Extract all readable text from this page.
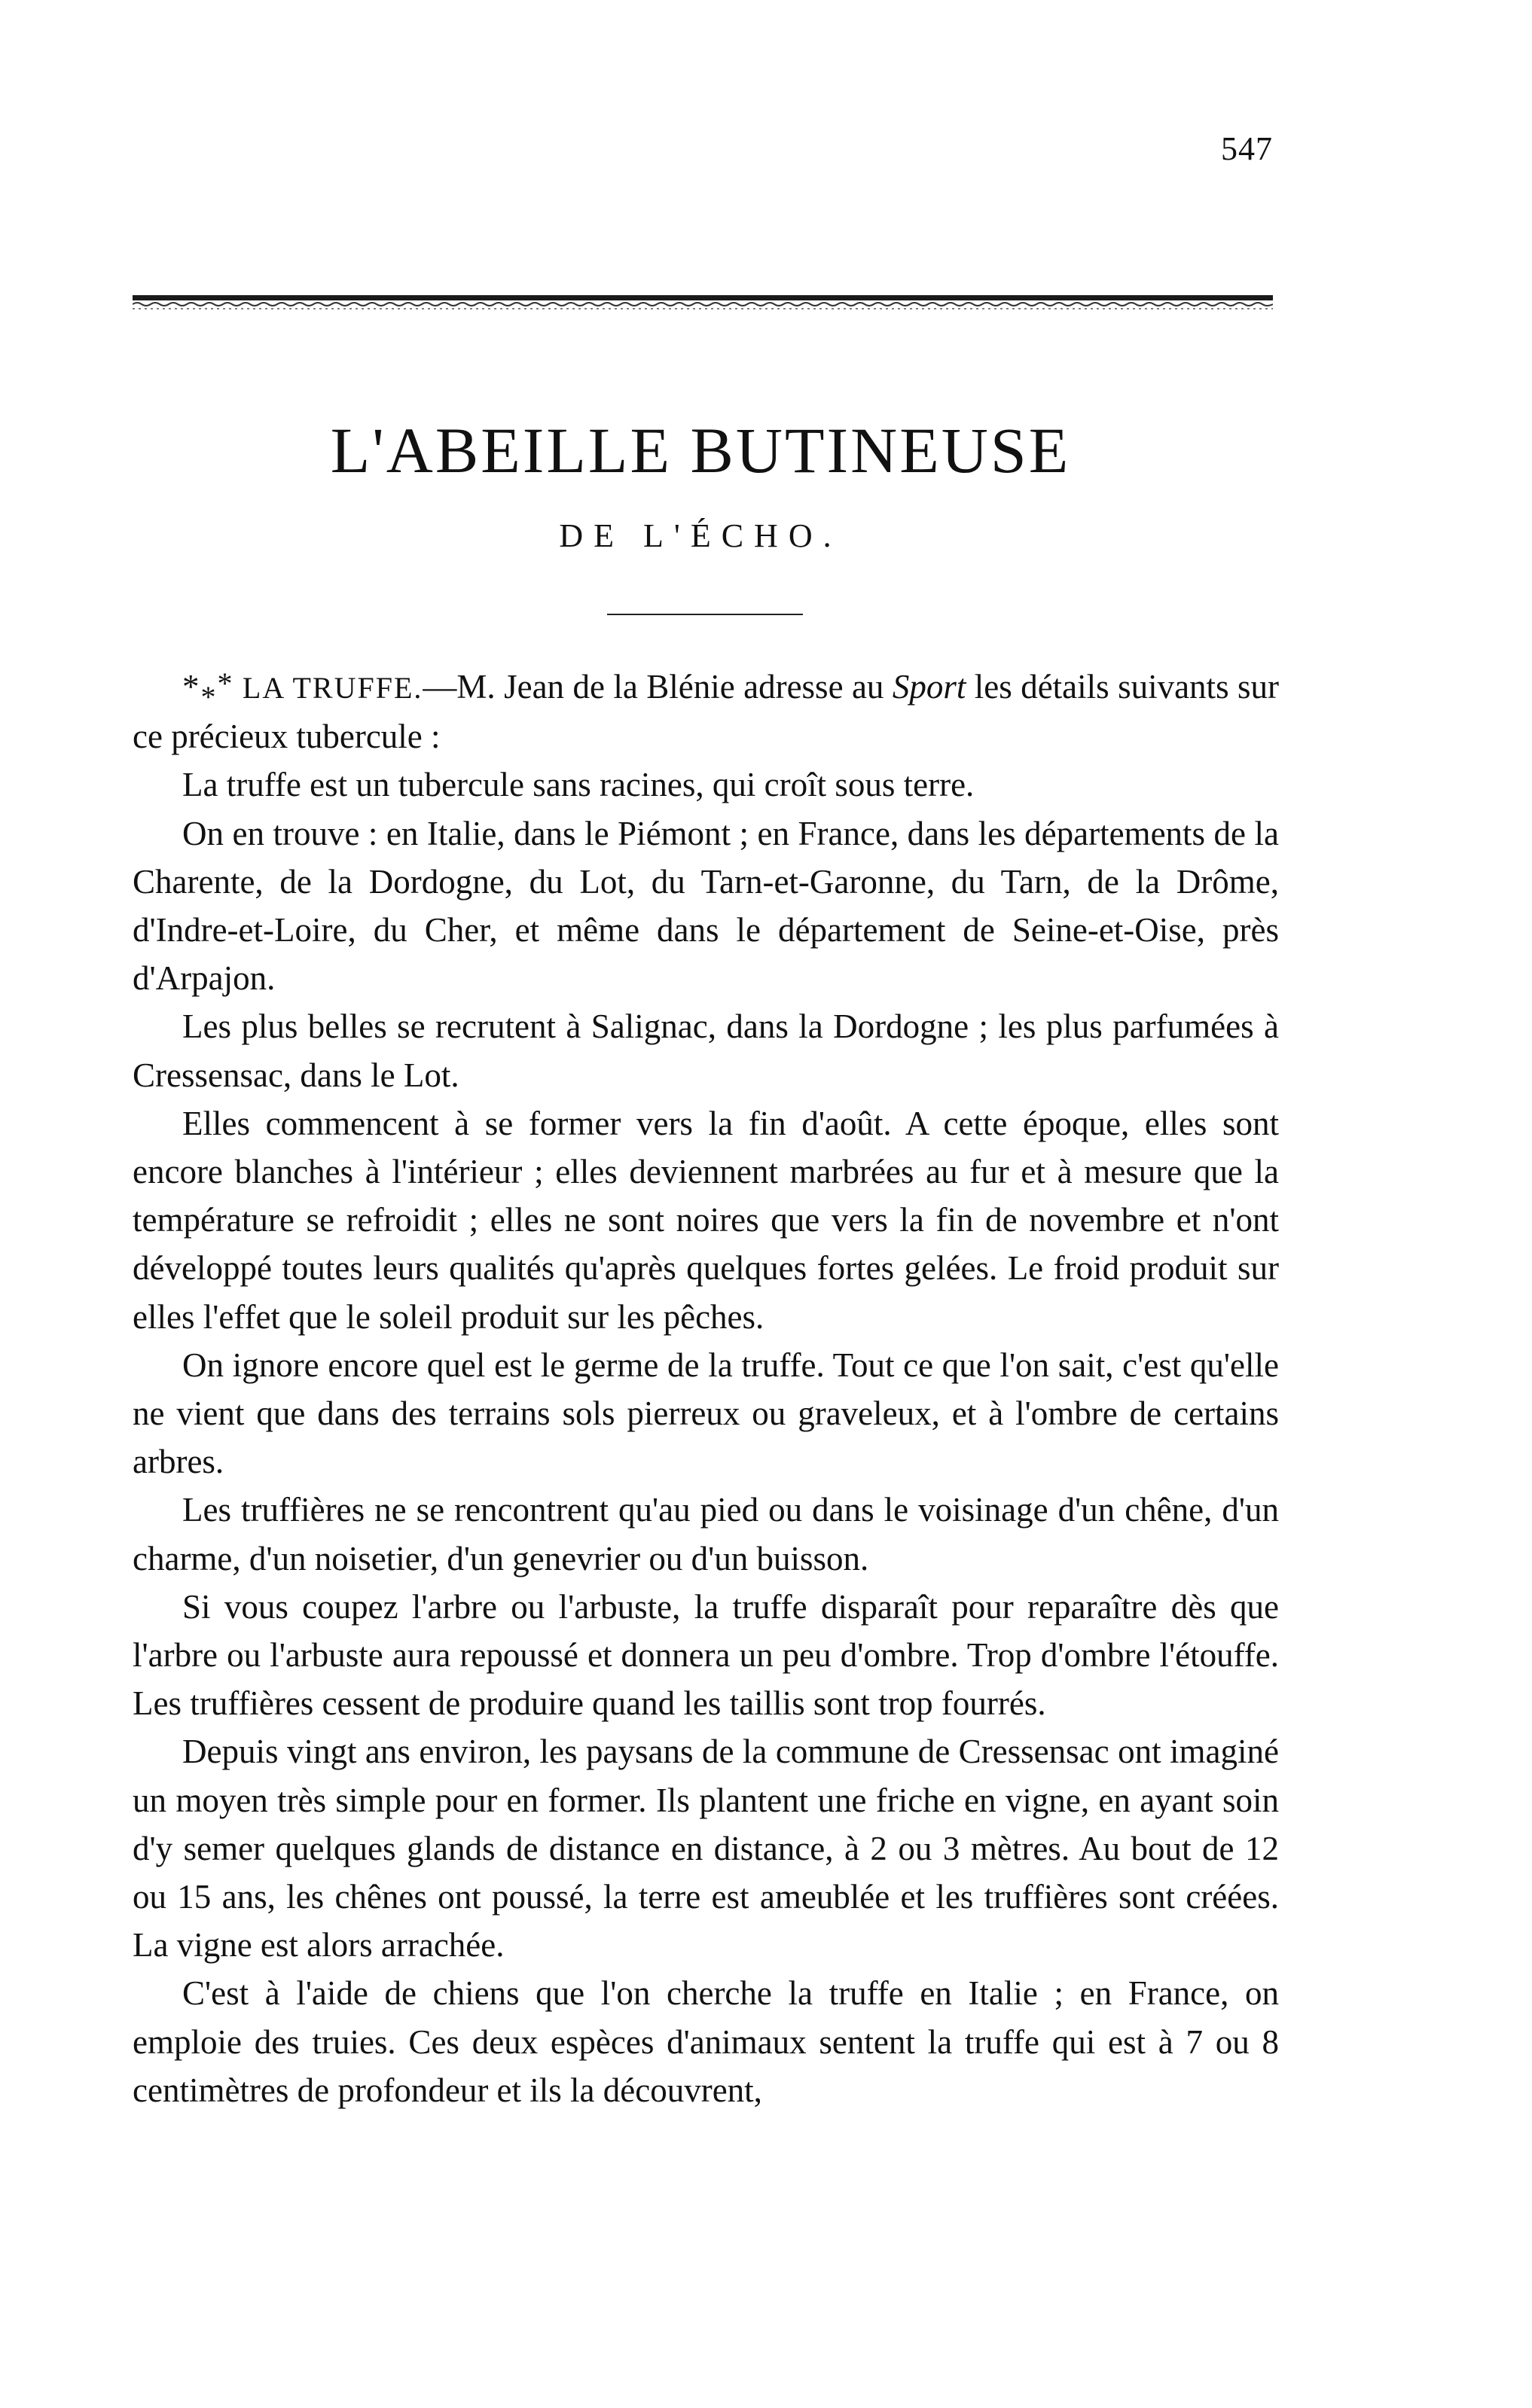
547
L'ABEILLE BUTINEUSE
DE L'ÉCHO.

*** LA TRUFFE.—M. Jean de la Blénie adresse au Sport les détails suivants sur ce précieux tubercule :

La truffe est un tubercule sans racines, qui croît sous terre.

On en trouve : en Italie, dans le Piémont ; en France, dans les départements de la Charente, de la Dordogne, du Lot, du Tarn-et-Garonne, du Tarn, de la Drôme, d'Indre-et-Loire, du Cher, et même dans le département de Seine-et-Oise, près d'Arpajon.

Les plus belles se recrutent à Salignac, dans la Dordogne ; les plus parfumées à Cressensac, dans le Lot.

Elles commencent à se former vers la fin d'août. A cette époque, elles sont encore blanches à l'intérieur ; elles deviennent marbrées au fur et à mesure que la température se refroidit ; elles ne sont noires que vers la fin de novembre et n'ont développé toutes leurs qualités qu'après quelques fortes gelées. Le froid produit sur elles l'effet que le soleil produit sur les pêches.

On ignore encore quel est le germe de la truffe. Tout ce que l'on sait, c'est qu'elle ne vient que dans des terrains sols pierreux ou graveleux, et à l'ombre de certains arbres.

Les truffières ne se rencontrent qu'au pied ou dans le voisinage d'un chêne, d'un charme, d'un noisetier, d'un genevrier ou d'un buisson.

Si vous coupez l'arbre ou l'arbuste, la truffe disparaît pour reparaître dès que l'arbre ou l'arbuste aura repoussé et donnera un peu d'ombre. Trop d'ombre l'étouffe. Les truffières cessent de produire quand les taillis sont trop fourrés.

Depuis vingt ans environ, les paysans de la commune de Cressensac ont imaginé un moyen très simple pour en former. Ils plantent une friche en vigne, en ayant soin d'y semer quelques glands de distance en distance, à 2 ou 3 mètres. Au bout de 12 ou 15 ans, les chênes ont poussé, la terre est ameublée et les truffières sont créées. La vigne est alors arrachée.

C'est à l'aide de chiens que l'on cherche la truffe en Italie ; en France, on emploie des truies. Ces deux espèces d'animaux sentent la truffe qui est à 7 ou 8 centimètres de profondeur et ils la découvrent,
